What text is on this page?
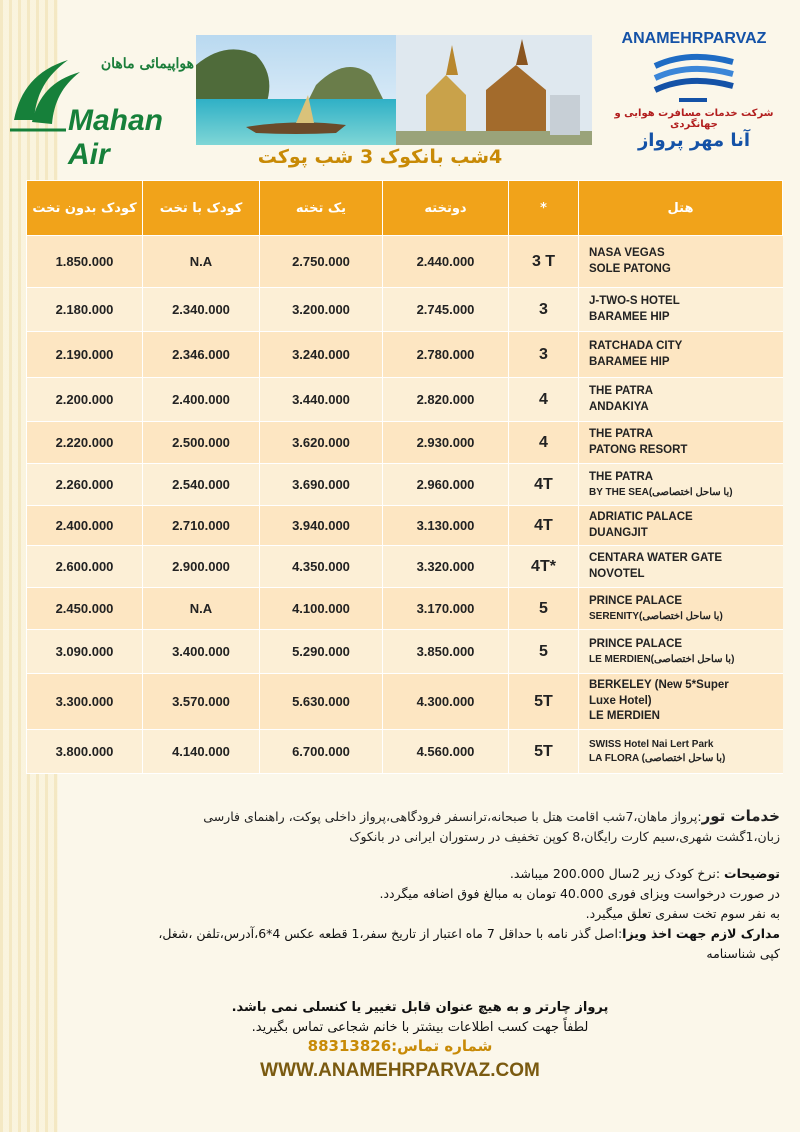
هواپیمائی ماهان
Mahan Air
ANAMEHRPARVAZ
شرکت خدمات مسافرت هوایی و جهانگردی
آنا مهر پرواز
4شب بانکوک 3 شب پوکت
کودک بدون تخت	کودک با تخت	یک تخته	دوتخته	*	هتل
1.850.000	N.A	2.750.000	2.440.000	3 T	NASA VEGAS
SOLE PATONG

2.180.000	2.340.000	3.200.000	2.745.000	3	J-TWO-S HOTEL
BARAMEE HIP

2.190.000	2.346.000	3.240.000	2.780.000	3	RATCHADA CITY
BARAMEE HIP

2.200.000	2.400.000	3.440.000	2.820.000	4	THE PATRA
ANDAKIYA

2.220.000	2.500.000	3.620.000	2.930.000	4	THE PATRA
PATONG RESORT

2.260.000	2.540.000	3.690.000	2.960.000	4T	THE PATRA
BY THE SEA(با ساحل اختصاصی)

2.400.000	2.710.000	3.940.000	3.130.000	4T	ADRIATIC PALACE
DUANGJIT

2.600.000	2.900.000	4.350.000	3.320.000	4T*	CENTARA WATER GATE
NOVOTEL

2.450.000	N.A	4.100.000	3.170.000	5	PRINCE PALACE
SERENITY(با ساحل اختصاصی)

3.090.000	3.400.000	5.290.000	3.850.000	5	PRINCE PALACE
LE MERDIEN(با ساحل اختصاصی)

3.300.000	3.570.000	5.630.000	4.300.000	5T	BERKELEY (New 5*Super
Luxe Hotel)
LE MERDIEN

3.800.000	4.140.000	6.700.000	4.560.000	5T	SWISS Hotel Nai Lert Park
LA FLORA (با ساحل اختصاصی)
خدمات تور:پرواز ماهان،7شب اقامت هتل با صبحانه،ترانسفر فرودگاهی،پرواز داخلی پوکت، راهنمای فارسی
زبان،1گشت شهری،سیم کارت رایگان،8 کوپن تخفیف در رستوران ایرانی در بانکوک

توضیحات :نرخ کودک زیر 2سال 200.000 میباشد.

در صورت درخواست ویزای فوری 40.000 تومان به مبالغ فوق اضافه میگردد.

به نفر سوم تخت سفری تعلق میگیرد.

مدارک لازم جهت اخذ ویزا:اصل گذر نامه با حداقل 7 ماه اعتبار از تاریخ سفر،1 قطعه عکس 4*6،آدرس،تلفن ،شغل،

کپی شناسنامه

پرواز چارتر و به هیچ عنوان قابل تغییر یا کنسلی نمی باشد.
لطفاً جهت کسب اطلاعات بیشتر با خانم شجاعی تماس بگیرید.
شماره تماس:88313826
WWW.ANAMEHRPARVAZ.COM
